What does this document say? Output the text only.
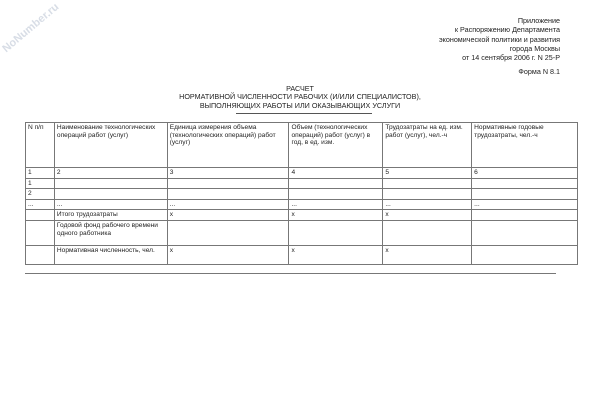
NoNumber.ru	Приложение
к Распоряжению Департамента
экономической политики и развития
города Москвы
от 14 сентября 2006 г. N 25-Р
Форма N 8.1
РАСЧЕТ
НОРМАТИВНОЙ ЧИСЛЕННОСТИ РАБОЧИХ (И/ИЛИ СПЕЦИАЛИСТОВ),
ВЫПОЛНЯЮЩИХ РАБОТЫ ИЛИ ОКАЗЫВАЮЩИХ УСЛУГИ
N п/п	Наименование технологических операций работ (услуг)	Единица измерения объема (технологических операций) работ (услуг)	Объем (технологических операций) работ (услуг) в год, в ед. изм.	Трудозатраты на ед. изм. работ (услуг), чел.-ч	Нормативные годовые трудозатраты, чел.-ч
1	2	3	4	5	6
1					
2					
...	...	...	...	...	...
	Итого трудозатраты	x	x	x	
	Годовой фонд рабочего времени одного работника				
	Нормативная численность, чел.	x	x	x	
